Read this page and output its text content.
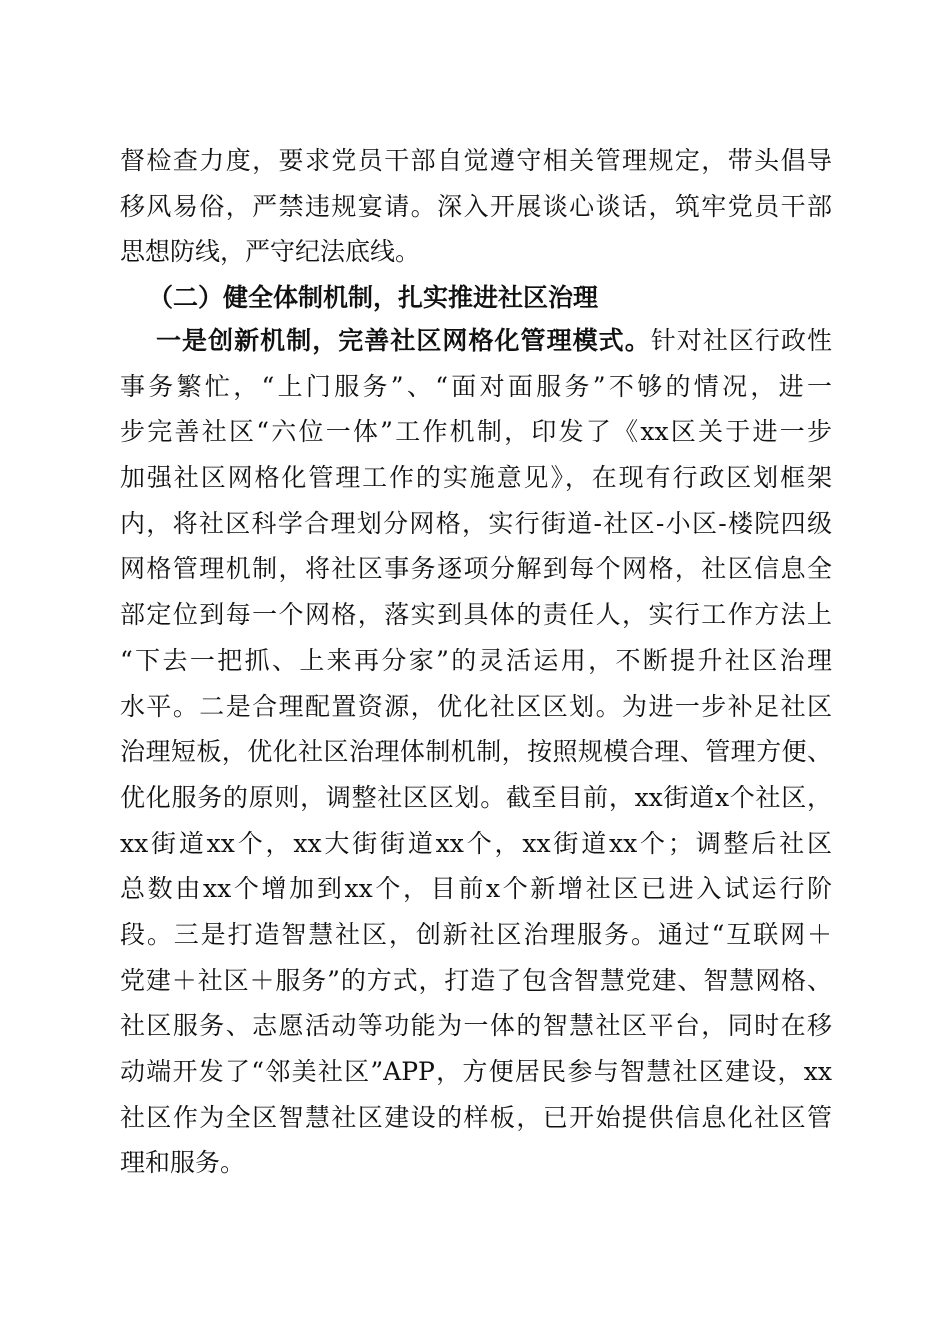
督检查力度，要求党员干部自觉遵守相关管理规定，带头倡导
移风易俗，严禁违规宴请。深入开展谈心谈话，筑牢党员干部
思想防线，严守纪法底线。
（二）健全体制机制，扎实推进社区治理
一是创新机制，完善社区网格化管理模式。针对社区行政性
事务繁忙，“上门服务”、“面对面服务”不够的情况，进一
步完善社区“六位一体”工作机制，印发了《xx区关于进一步
加强社区网格化管理工作的实施意见》，在现有行政区划框架
内，将社区科学合理划分网格，实行街道-社区-小区-楼院四级
网格管理机制，将社区事务逐项分解到每个网格，社区信息全
部定位到每一个网格，落实到具体的责任人，实行工作方法上
“下去一把抓、上来再分家”的灵活运用，不断提升社区治理
水平。二是合理配置资源，优化社区区划。为进一步补足社区
治理短板，优化社区治理体制机制，按照规模合理、管理方便、
优化服务的原则，调整社区区划。截至目前，xx街道x个社区，
xx街道xx个，xx大街街道xx个，xx街道xx个；调整后社区
总数由xx个增加到xx个，目前x个新增社区已进入试运行阶
段。三是打造智慧社区，创新社区治理服务。通过“互联网＋
党建＋社区＋服务”的方式，打造了包含智慧党建、智慧网格、
社区服务、志愿活动等功能为一体的智慧社区平台，同时在移
动端开发了“邻美社区”APP，方便居民参与智慧社区建设，xx
社区作为全区智慧社区建设的样板，已开始提供信息化社区管
理和服务。
